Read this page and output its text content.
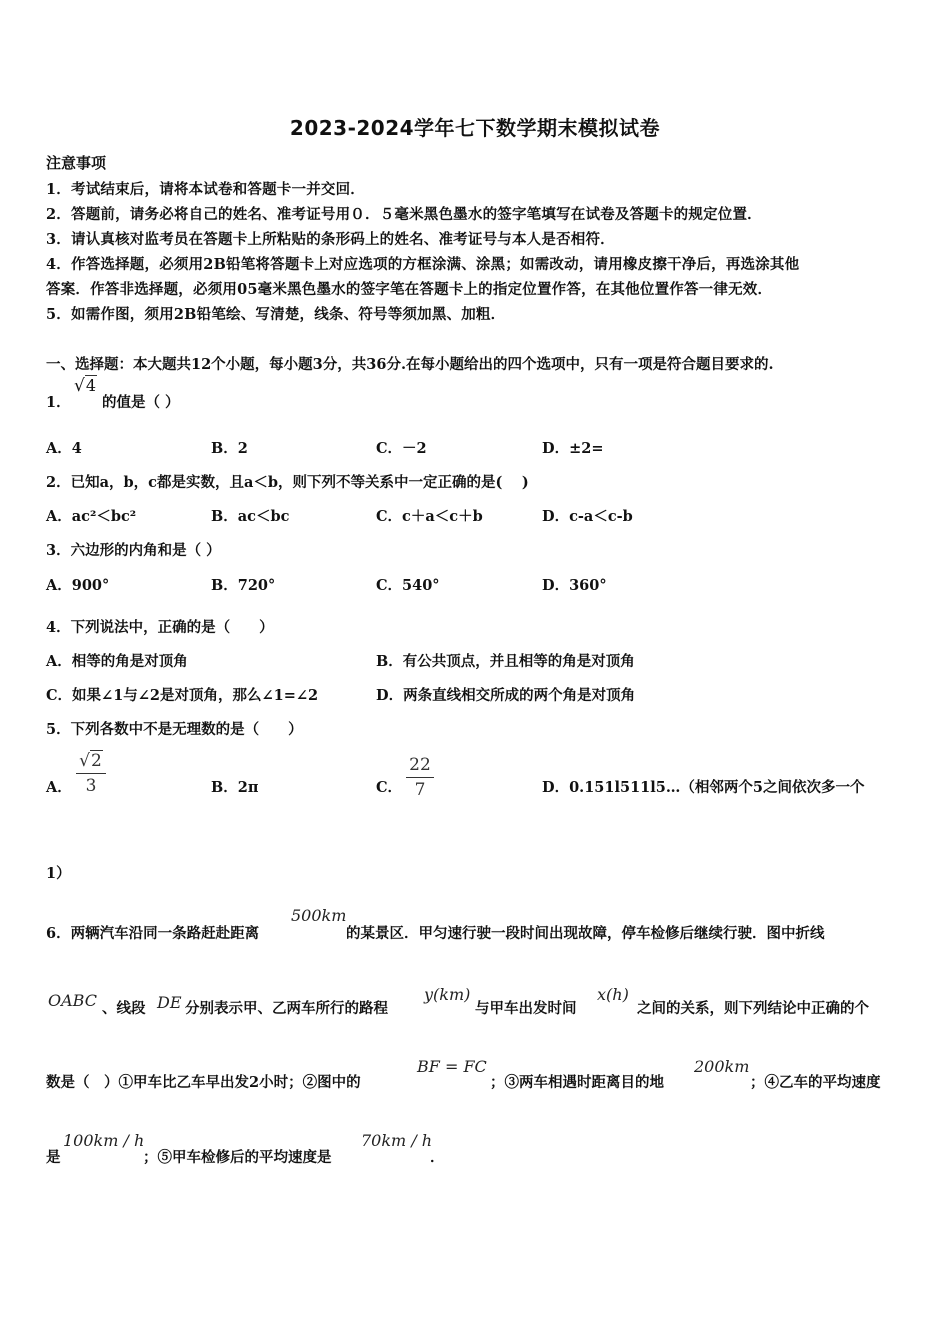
2023-2024学年七下数学期末模拟试卷
注意事项
1．考试结束后，请将本试卷和答题卡一并交回．
2．答题前，请务必将自己的姓名、准考证号用０．５毫米黑色墨水的签字笔填写在试卷及答题卡的规定位置．
3．请认真核对监考员在答题卡上所粘贴的条形码上的姓名、准考证号与本人是否相符．
4．作答选择题，必须用2B铅笔将答题卡上对应选项的方框涂满、涂黑；如需改动，请用橡皮擦干净后，再选涂其他
答案．作答非选择题，必须用05毫米黑色墨水的签字笔在答题卡上的指定位置作答，在其他位置作答一律无效．
5．如需作图，须用2B铅笔绘、写清楚，线条、符号等须加黑、加粗．
一、选择题：本大题共12个小题，每小题3分，共36分.在每小题给出的四个选项中，只有一项是符合题目要求的.
1．
√4
的值是（ ）
A．4	B．2	C．－2	D．±2=
2．已知a，b，c都是实数，且a＜b，则下列不等关系中一定正确的是(　 )
A．ac²＜bc²	B．ac＜bc	C．c＋a＜c＋b	D．c-a＜c-b
3．六边形的内角和是（ ）
A．900°	B．720°	C．540°	D．360°
4．下列说法中，正确的是（　　）
A．相等的角是对顶角	B．有公共顶点，并且相等的角是对顶角
C．如果∠1与∠2是对顶角，那么∠1=∠2	D．两条直线相交所成的两个角是对顶角
5．下列各数中不是无理数的是（　　）
A．
√2
3	B．2π	C．
22
7	D．0.151l511l5…（相邻两个5之间依次多一个
1）
6．两辆汽车沿同一条路赶赴距离
500km
的某景区．甲匀速行驶一段时间出现故障，停车检修后继续行驶．图中折线
OABC 、线段 DE 分别表示甲、乙两车所行的路程
y(km)
与甲车出发时间
x(h)
之间的关系，则下列结论中正确的个
数是（　）①甲车比乙车早出发2小时；②图中的
BF = FC
；③两车相遇时距离目的地
200km
；④乙车的平均速度
是
100km / h
；⑤甲车检修后的平均速度是
70km / h
．
